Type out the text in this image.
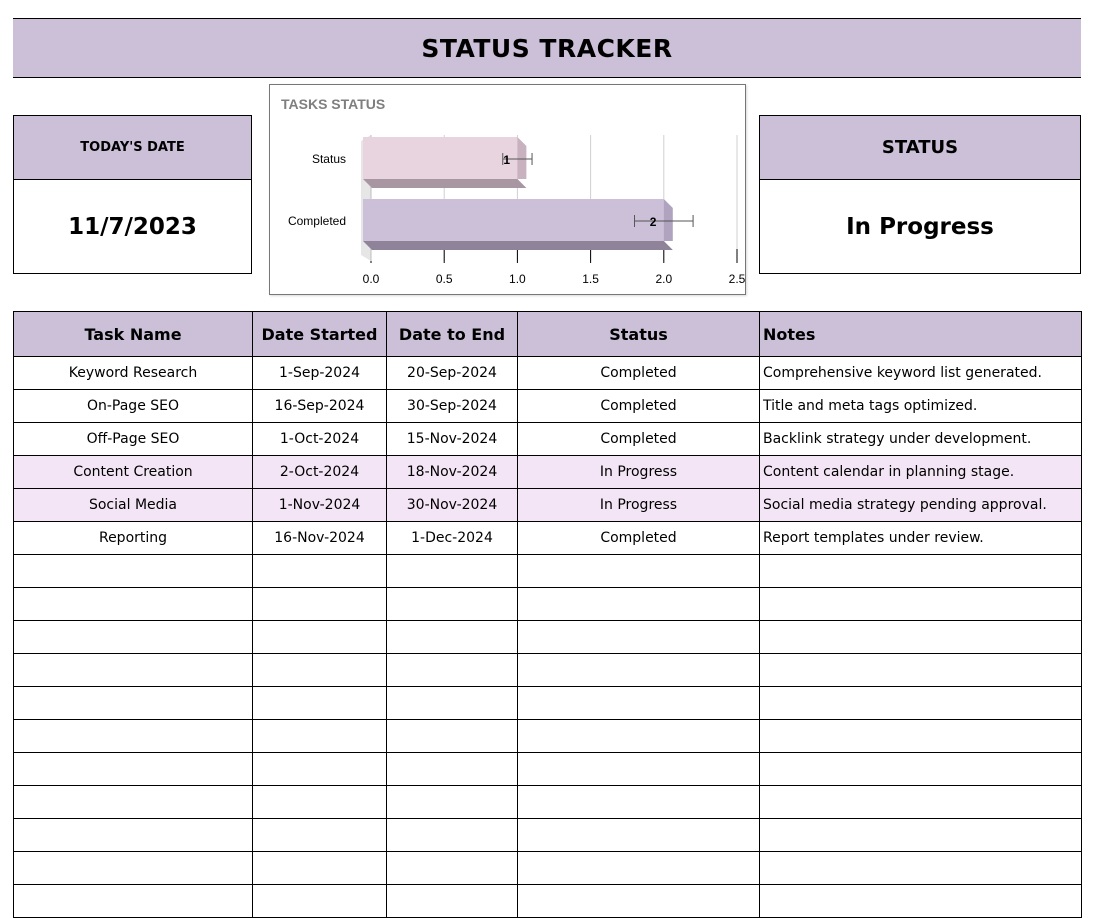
STATUS TRACKER
TODAY'S DATE
11/7/2023
TASKS STATUS
0.0	0.5	1.0	1.5	2.0	2.5
Status	1
Completed	2
STATUS
In Progress
Task Name	Date Started	Date to End	Status	Notes
Keyword Research	1-Sep-2024	20-Sep-2024	Completed	Comprehensive keyword list generated.
On-Page SEO	16-Sep-2024	30-Sep-2024	Completed	Title and meta tags optimized.
Off-Page SEO	1-Oct-2024	15-Nov-2024	Completed	Backlink strategy under development.
Content Creation	2-Oct-2024	18-Nov-2024	In Progress	Content calendar in planning stage.
Social Media	1-Nov-2024	30-Nov-2024	In Progress	Social media strategy pending approval.
Reporting	16-Nov-2024	1-Dec-2024	Completed	Report templates under review.
